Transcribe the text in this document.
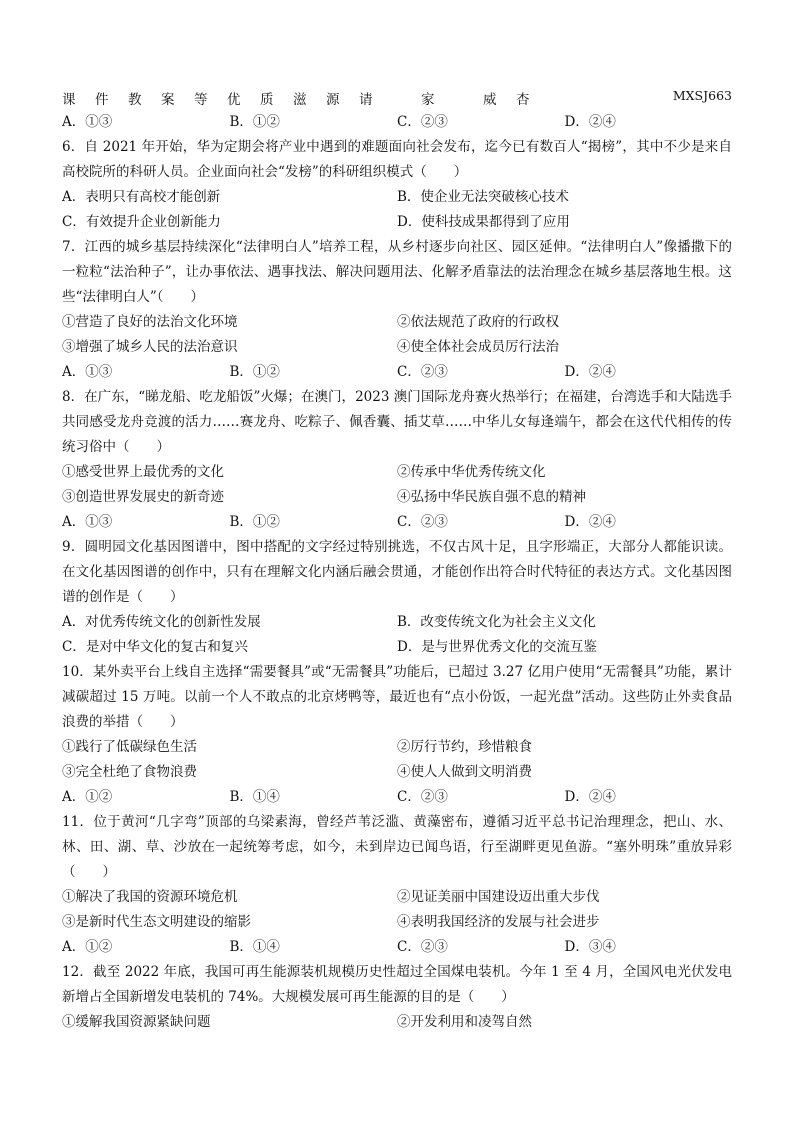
课 件 教 案 等 优 质 滋 源 请	家	威 杏	MXSJ663
A．①③	B．①②	C．②③	D．②④
6．自 2021 年开始，华为定期会将产业中遇到的难题面向社会发布，迄今已有数百人“揭榜”，其中不少是来自高校院所的科研人员。企业面向社会“发榜”的科研组织模式（　　）
A．表明只有高校才能创新	B．使企业无法突破核心技术
C．有效提升企业创新能力	D．使科技成果都得到了应用
7．江西的城乡基层持续深化“法律明白人”培养工程，从乡村逐步向社区、园区延伸。“法律明白人”像播撒下的一粒粒“法治种子”，让办事依法、遇事找法、解决问题用法、化解矛盾靠法的法治理念在城乡基层落地生根。这些“法律明白人”（　　）
①营造了良好的法治文化环境	②依法规范了政府的行政权
③增强了城乡人民的法治意识	④使全体社会成员厉行法治
A．①③	B．①②	C．②③	D．②④
8．在广东，“睇龙船、吃龙船饭”火爆；在澳门，2023 澳门国际龙舟赛火热举行；在福建，台湾选手和大陆选手共同感受龙舟竞渡的活力……赛龙舟、吃粽子、佩香囊、插艾草……中华儿女每逢端午，都会在这代代相传的传统习俗中（　　）
①感受世界上最优秀的文化	②传承中华优秀传统文化
③创造世界发展史的新奇迹	④弘扬中华民族自强不息的精神
A．①③	B．①②	C．②③	D．②④
9．圆明园文化基因图谱中，图中搭配的文字经过特别挑选，不仅古风十足，且字形端正，大部分人都能识读。在文化基因图谱的创作中，只有在理解文化内涵后融会贯通，才能创作出符合时代特征的表达方式。文化基因图谱的创作是（　　）
A．对优秀传统文化的创新性发展	B．改变传统文化为社会主义文化
C．是对中华文化的复古和复兴	D．是与世界优秀文化的交流互鉴
10．某外卖平台上线自主选择“需要餐具”或“无需餐具”功能后，已超过 3.27 亿用户使用“无需餐具”功能，累计减碳超过 15 万吨。以前一个人不敢点的北京烤鸭等，最近也有“点小份饭，一起光盘”活动。这些防止外卖食品浪费的举措（　　）
①践行了低碳绿色生活	②厉行节约，珍惜粮食
③完全杜绝了食物浪费	④使人人做到文明消费
A．①②	B．①④	C．②③	D．②④
11．位于黄河“几字弯”顶部的乌梁素海，曾经芦苇泛滥、黄藻密布，遵循习近平总书记治理理念，把山、水、林、田、湖、草、沙放在一起统筹考虑，如今，未到岸边已闻鸟语，行至湖畔更见鱼游。“塞外明珠”重放异彩（　　）
①解决了我国的资源环境危机	②见证美丽中国建设迈出重大步伐
③是新时代生态文明建设的缩影	④表明我国经济的发展与社会进步
A．①②	B．①④	C．②③	D．③④
12．截至 2022 年底，我国可再生能源装机规模历史性超过全国煤电装机。今年 1 至 4 月，全国风电光伏发电新增占全国新增发电装机的 74%。大规模发展可再生能源的目的是（　　）
①缓解我国资源紧缺问题	②开发利用和凌驾自然
